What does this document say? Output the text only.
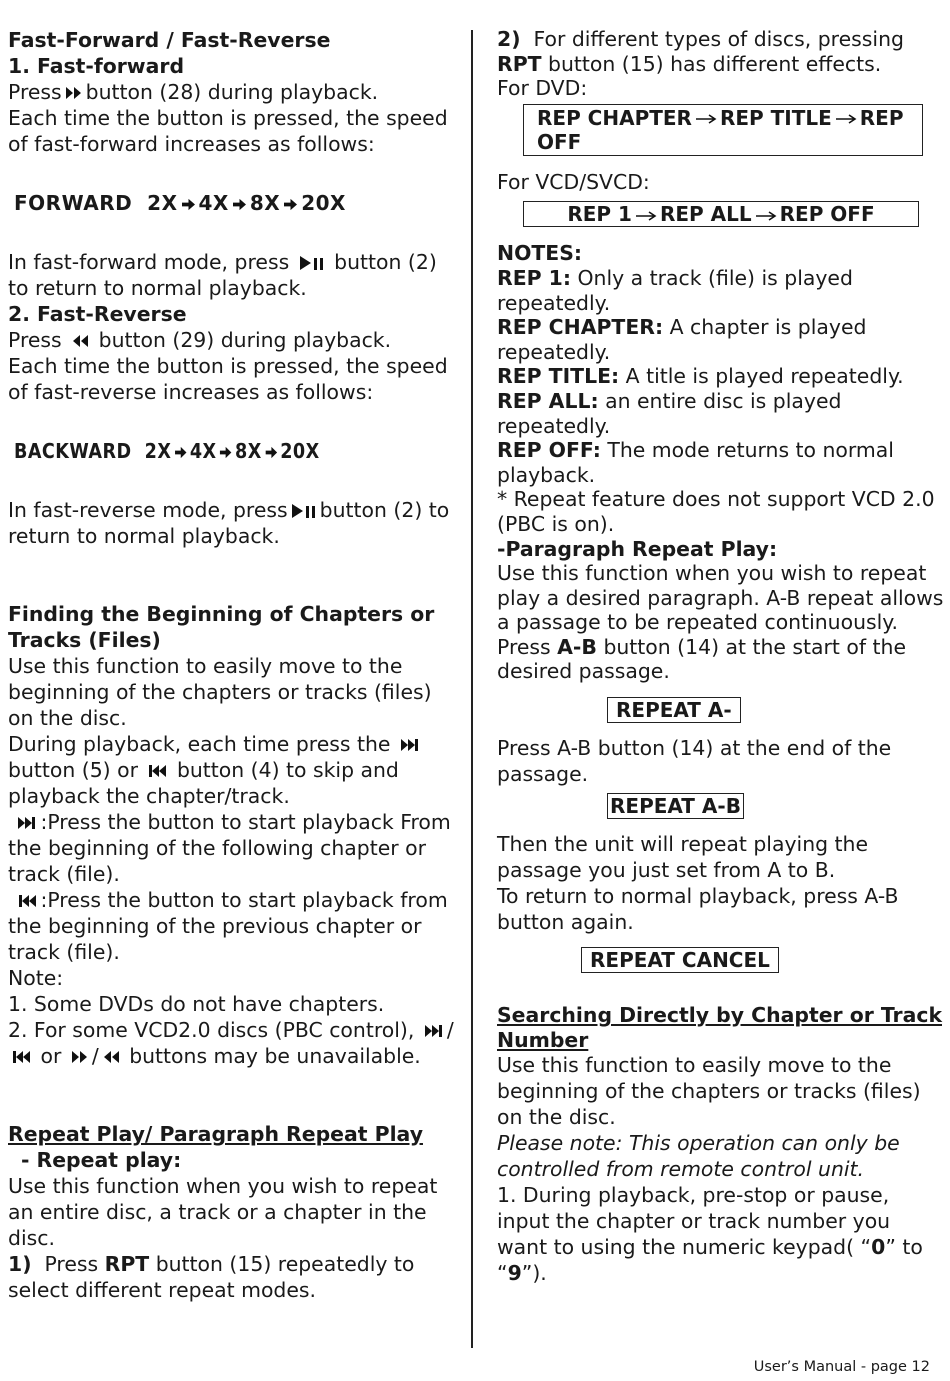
Fast-Forward / Fast-Reverse

1. Fast-forward

Press button (28) during playback.

Each time the button is pressed, the speed of fast-forward increases as follows:

FORWARD 2X 4X 8X 20X

In fast-forward mode, press button (2) to return to normal playback.

2. Fast-Reverse

Press button (29) during playback.

Each time the button is pressed, the speed of fast-reverse increases as follows:

BACKWARD 2X 4X 8X 20X

In fast-reverse mode, press button (2) to return to normal playback.

Finding the Beginning of Chapters or Tracks (Files)

Use this function to easily move to the beginning of the chapters or tracks (files) on the disc.

During playback, each time press the  button (5) or button (4) to skip and playback the chapter/track.

:Press the button to start playback From the beginning of the following chapter or track (file).

:Press the button to start playback from the beginning of the previous chapter or track (file).

Note:

1. Some DVDs do not have chapters.

2. For some VCD2.0 discs (PBC control), / or / buttons may be unavailable.

Repeat Play/ Paragraph Repeat Play

- Repeat play:

Use this function when you wish to repeat an entire disc, a track or a chapter in the disc.

1) Press RPT button (15) repeatedly to select different repeat modes.

2) For different types of discs, pressing RPT button (15) has different effects.

For DVD:

REP CHAPTER REP TITLE REP OFF

For VCD/SVCD:

REP 1 REP ALL REP OFF

NOTES:

REP 1: Only a track (file) is played repeatedly.

REP CHAPTER: A chapter is played repeatedly.

REP TITLE: A title is played repeatedly.

REP ALL: an entire disc is played repeatedly.

REP OFF: The mode returns to normal playback.

* Repeat feature does not support VCD 2.0 (PBC is on).

-Paragraph Repeat Play:

Use this function when you wish to repeat play a desired paragraph. A-B repeat allows a passage to be repeated continuously.

Press A-B button (14) at the start of the desired passage.

REPEAT A-

Press A-B button (14) at the end of the passage.

REPEAT A-B

Then the unit will repeat playing the passage you just set from A to B.

To return to normal playback, press A-B button again.

REPEAT CANCEL

Searching Directly by Chapter or Track Number

Use this function to easily move to the beginning of the chapters or tracks (files) on the disc.

Please note: This operation can only be controlled from remote control unit.

1. During playback, pre-stop or pause, input the chapter or track number you want to using the numeric keypad( “0” to “9”).

User’s Manual - page 12
